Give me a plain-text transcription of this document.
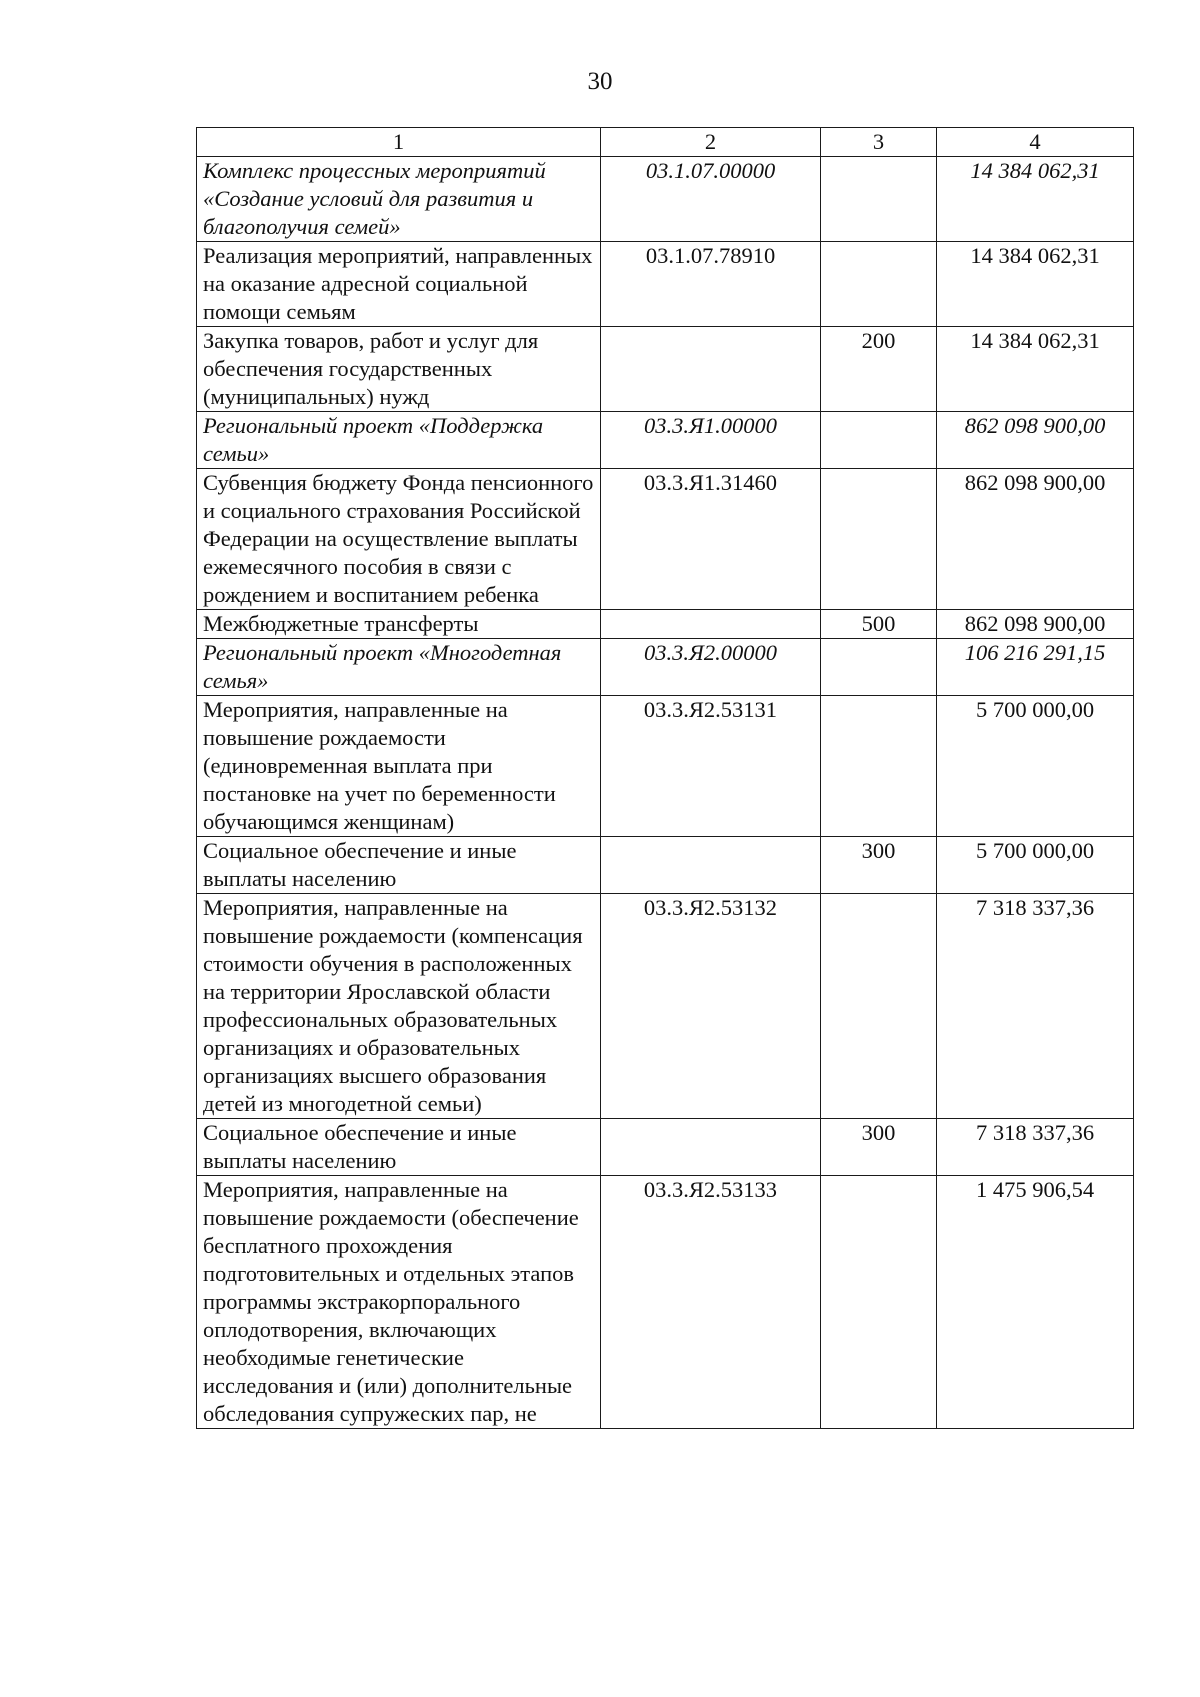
30
1	2	3	4
Комплекс процессных мероприятий «Создание условий для развития и благополучия семей»	03.1.07.00000		14 384 062,31
Реализация мероприятий, направленных на оказание адресной социальной помощи семьям	03.1.07.78910		14 384 062,31
Закупка товаров, работ и услуг для обеспечения государственных (муниципальных) нужд		200	14 384 062,31
Региональный проект «Поддержка семьи»	03.3.Я1.00000		862 098 900,00
Субвенция бюджету Фонда пенсионного и социального страхования Российской Федерации на осуществление выплаты ежемесячного пособия в связи с рождением и воспитанием ребенка	03.3.Я1.31460		862 098 900,00
Межбюджетные трансферты		500	862 098 900,00
Региональный проект «Многодетная семья»	03.3.Я2.00000		106 216 291,15
Мероприятия, направленные на повышение рождаемости (единовременная выплата при постановке на учет по беременности обучающимся женщинам)	03.3.Я2.53131		5 700 000,00
Социальное обеспечение и иные выплаты населению		300	5 700 000,00
Мероприятия, направленные на повышение рождаемости (компенсация стоимости обучения в расположенных на территории Ярославской области профессиональных образовательных организациях и образовательных организациях высшего образования детей из многодетной семьи)	03.3.Я2.53132		7 318 337,36
Социальное обеспечение и иные выплаты населению		300	7 318 337,36
Мероприятия, направленные на повышение рождаемости (обеспечение бесплатного прохождения подготовительных и отдельных этапов программы экстракорпорального оплодотворения, включающих необходимые генетические исследования и (или) дополнительные обследования супружеских пар, не	03.3.Я2.53133		1 475 906,54
